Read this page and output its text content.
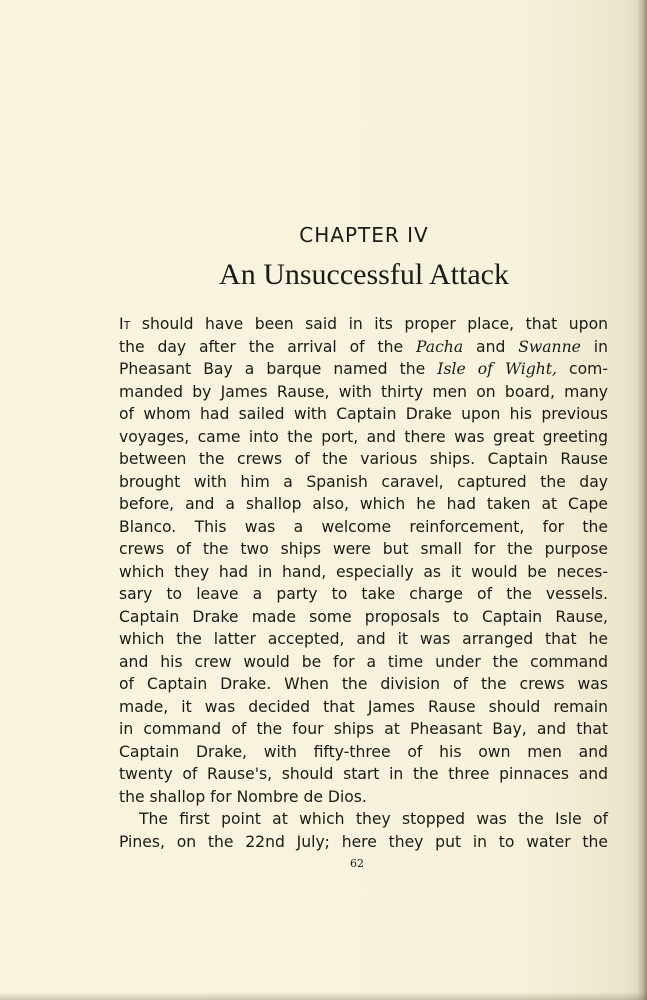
CHAPTER IV
An Unsuccessful Attack
It should have been said in its proper place, that upon
the day after the arrival of the Pacha and Swanne in
Pheasant Bay a barque named the Isle of Wight, com-
manded by James Rause, with thirty men on board, many
of whom had sailed with Captain Drake upon his previous
voyages, came into the port, and there was great greeting
between the crews of the various ships. Captain Rause
brought with him a Spanish caravel, captured the day
before, and a shallop also, which he had taken at Cape
Blanco. This was a welcome reinforcement, for the
crews of the two ships were but small for the purpose
which they had in hand, especially as it would be neces-
sary to leave a party to take charge of the vessels.
Captain Drake made some proposals to Captain Rause,
which the latter accepted, and it was arranged that he
and his crew would be for a time under the command
of Captain Drake. When the division of the crews was
made, it was decided that James Rause should remain
in command of the four ships at Pheasant Bay, and that
Captain Drake, with fifty-three of his own men and
twenty of Rause's, should start in the three pinnaces and
the shallop for Nombre de Dios.
The first point at which they stopped was the Isle of
Pines, on the 22nd July; here they put in to water the
62
